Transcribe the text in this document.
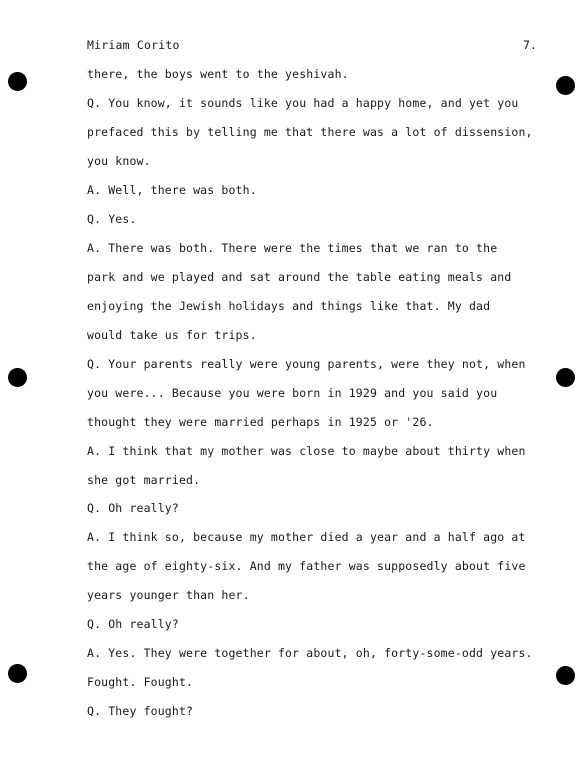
Miriam Corito	7.
there, the boys went to the yeshivah.
Q. You know, it sounds like you had a happy home, and yet you
prefaced this by telling me that there was a lot of dissension,
you know.
A. Well, there was both.
Q. Yes.
A. There was both. There were the times that we ran to the
park and we played and sat around the table eating meals and
enjoying the Jewish holidays and things like that. My dad
would take us for trips.
Q. Your parents really were young parents, were they not, when
you were... Because you were born in 1929 and you said you
thought they were married perhaps in 1925 or '26.
A. I think that my mother was close to maybe about thirty when
she got married.
Q. Oh really?
A. I think so, because my mother died a year and a half ago at
the age of eighty-six. And my father was supposedly about five
years younger than her.
Q. Oh really?
A. Yes. They were together for about, oh, forty-some-odd years.
Fought. Fought.
Q. They fought?
